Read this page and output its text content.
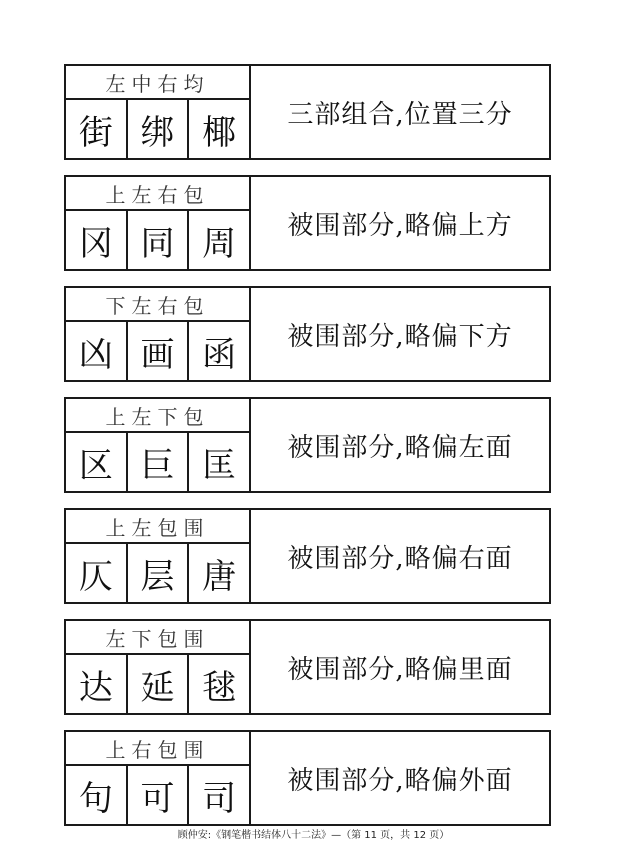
左中右均
街 绑 椰	三部组合,位置三分
上左右包
冈 同 周	被围部分,略偏上方
下左右包
凶 画 函	被围部分,略偏下方
上左下包
区 巨 匡	被围部分,略偏左面
上左包围
仄 层 唐	被围部分,略偏右面
左下包围
达 延 毬	被围部分,略偏里面
上右包围
句 可 司	被围部分,略偏外面
顾仲安:《钢笔楷书结体八十二法》—（第 11 页，共 12 页）
